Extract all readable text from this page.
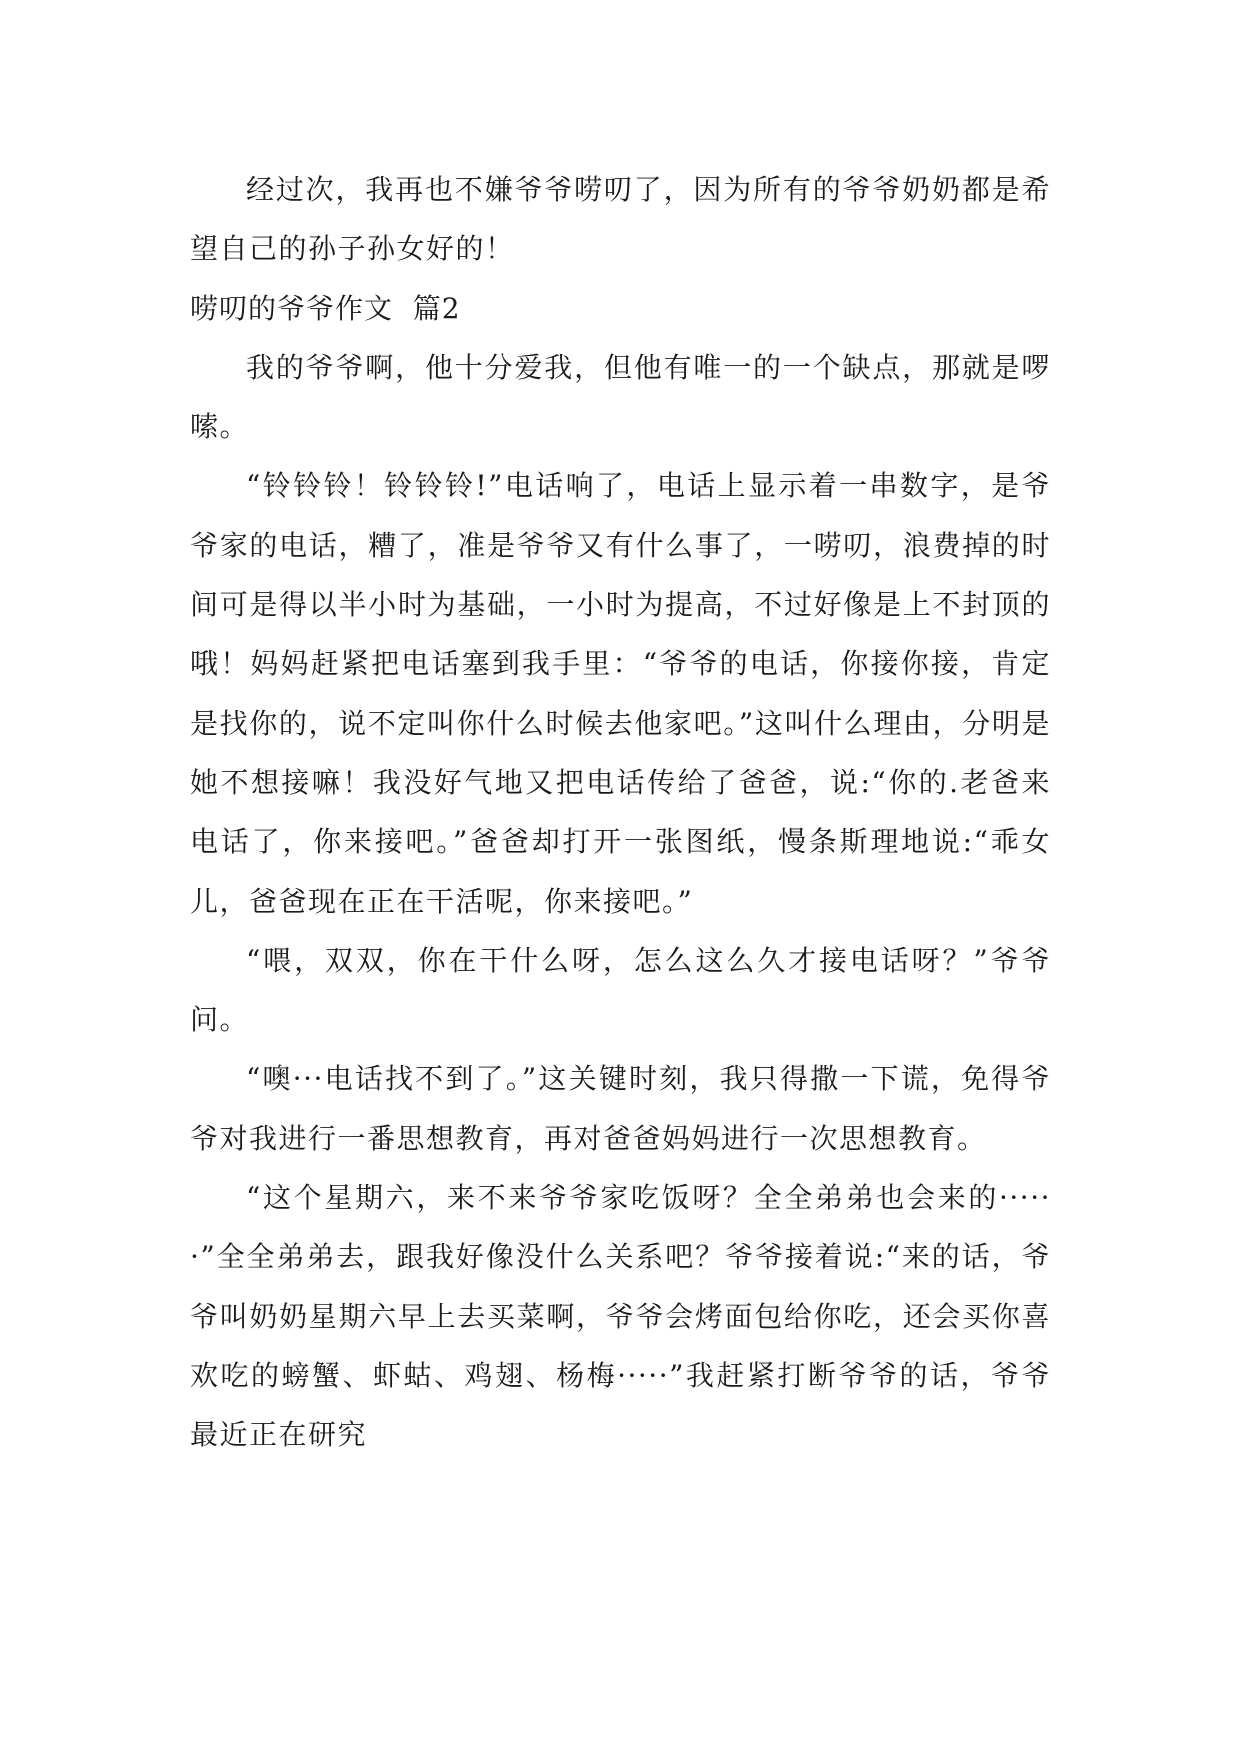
经过次，我再也不嫌爷爷唠叨了，因为所有的爷爷奶奶都是希望自己的孙子孙女好的！

唠叨的爷爷作文  篇2

我的爷爷啊，他十分爱我，但他有唯一的一个缺点，那就是啰嗦。

“铃铃铃！铃铃铃!”电话响了，电话上显示着一串数字，是爷爷家的电话，糟了，准是爷爷又有什么事了，一唠叨，浪费掉的时间可是得以半小时为基础，一小时为提高，不过好像是上不封顶的哦！妈妈赶紧把电话塞到我手里：“爷爷的电话，你接你接，肯定是找你的，说不定叫你什么时候去他家吧。”这叫什么理由，分明是她不想接嘛！我没好气地又把电话传给了爸爸，说:“你的.老爸来电话了，你来接吧。”爸爸却打开一张图纸，慢条斯理地说:“乖女儿，爸爸现在正在干活呢，你来接吧。”

“喂，双双，你在干什么呀，怎么这么久才接电话呀？”爷爷问。

“噢···电话找不到了。”这关键时刻，我只得撒一下谎，免得爷爷对我进行一番思想教育，再对爸爸妈妈进行一次思想教育。

“这个星期六，来不来爷爷家吃饭呀？全全弟弟也会来的······”全全弟弟去，跟我好像没什么关系吧？爷爷接着说:“来的话，爷爷叫奶奶星期六早上去买菜啊，爷爷会烤面包给你吃，还会买你喜欢吃的螃蟹、虾蛄、鸡翅、杨梅·····”我赶紧打断爷爷的话，爷爷最近正在研究
